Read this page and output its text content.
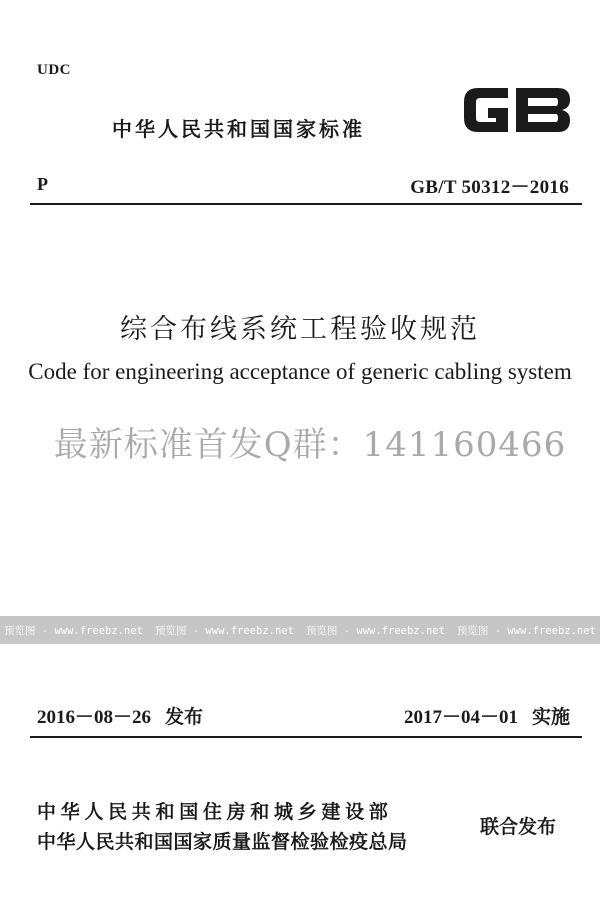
UDC
中华人民共和国国家标准
P	GB/T 50312－2016
综合布线系统工程验收规范
Code for engineering acceptance of generic cabling system
最新标准首发Q群：141160466
预览图 - www.freebz.net 预览图 - www.freebz.net 预览图 - www.freebz.net 预览图 - www.freebz.net
2016－08－26 发布	2017－04－01 实施
中华人民共和国住房和城乡建设部
中华人民共和国国家质量监督检验检疫总局
联合发布
